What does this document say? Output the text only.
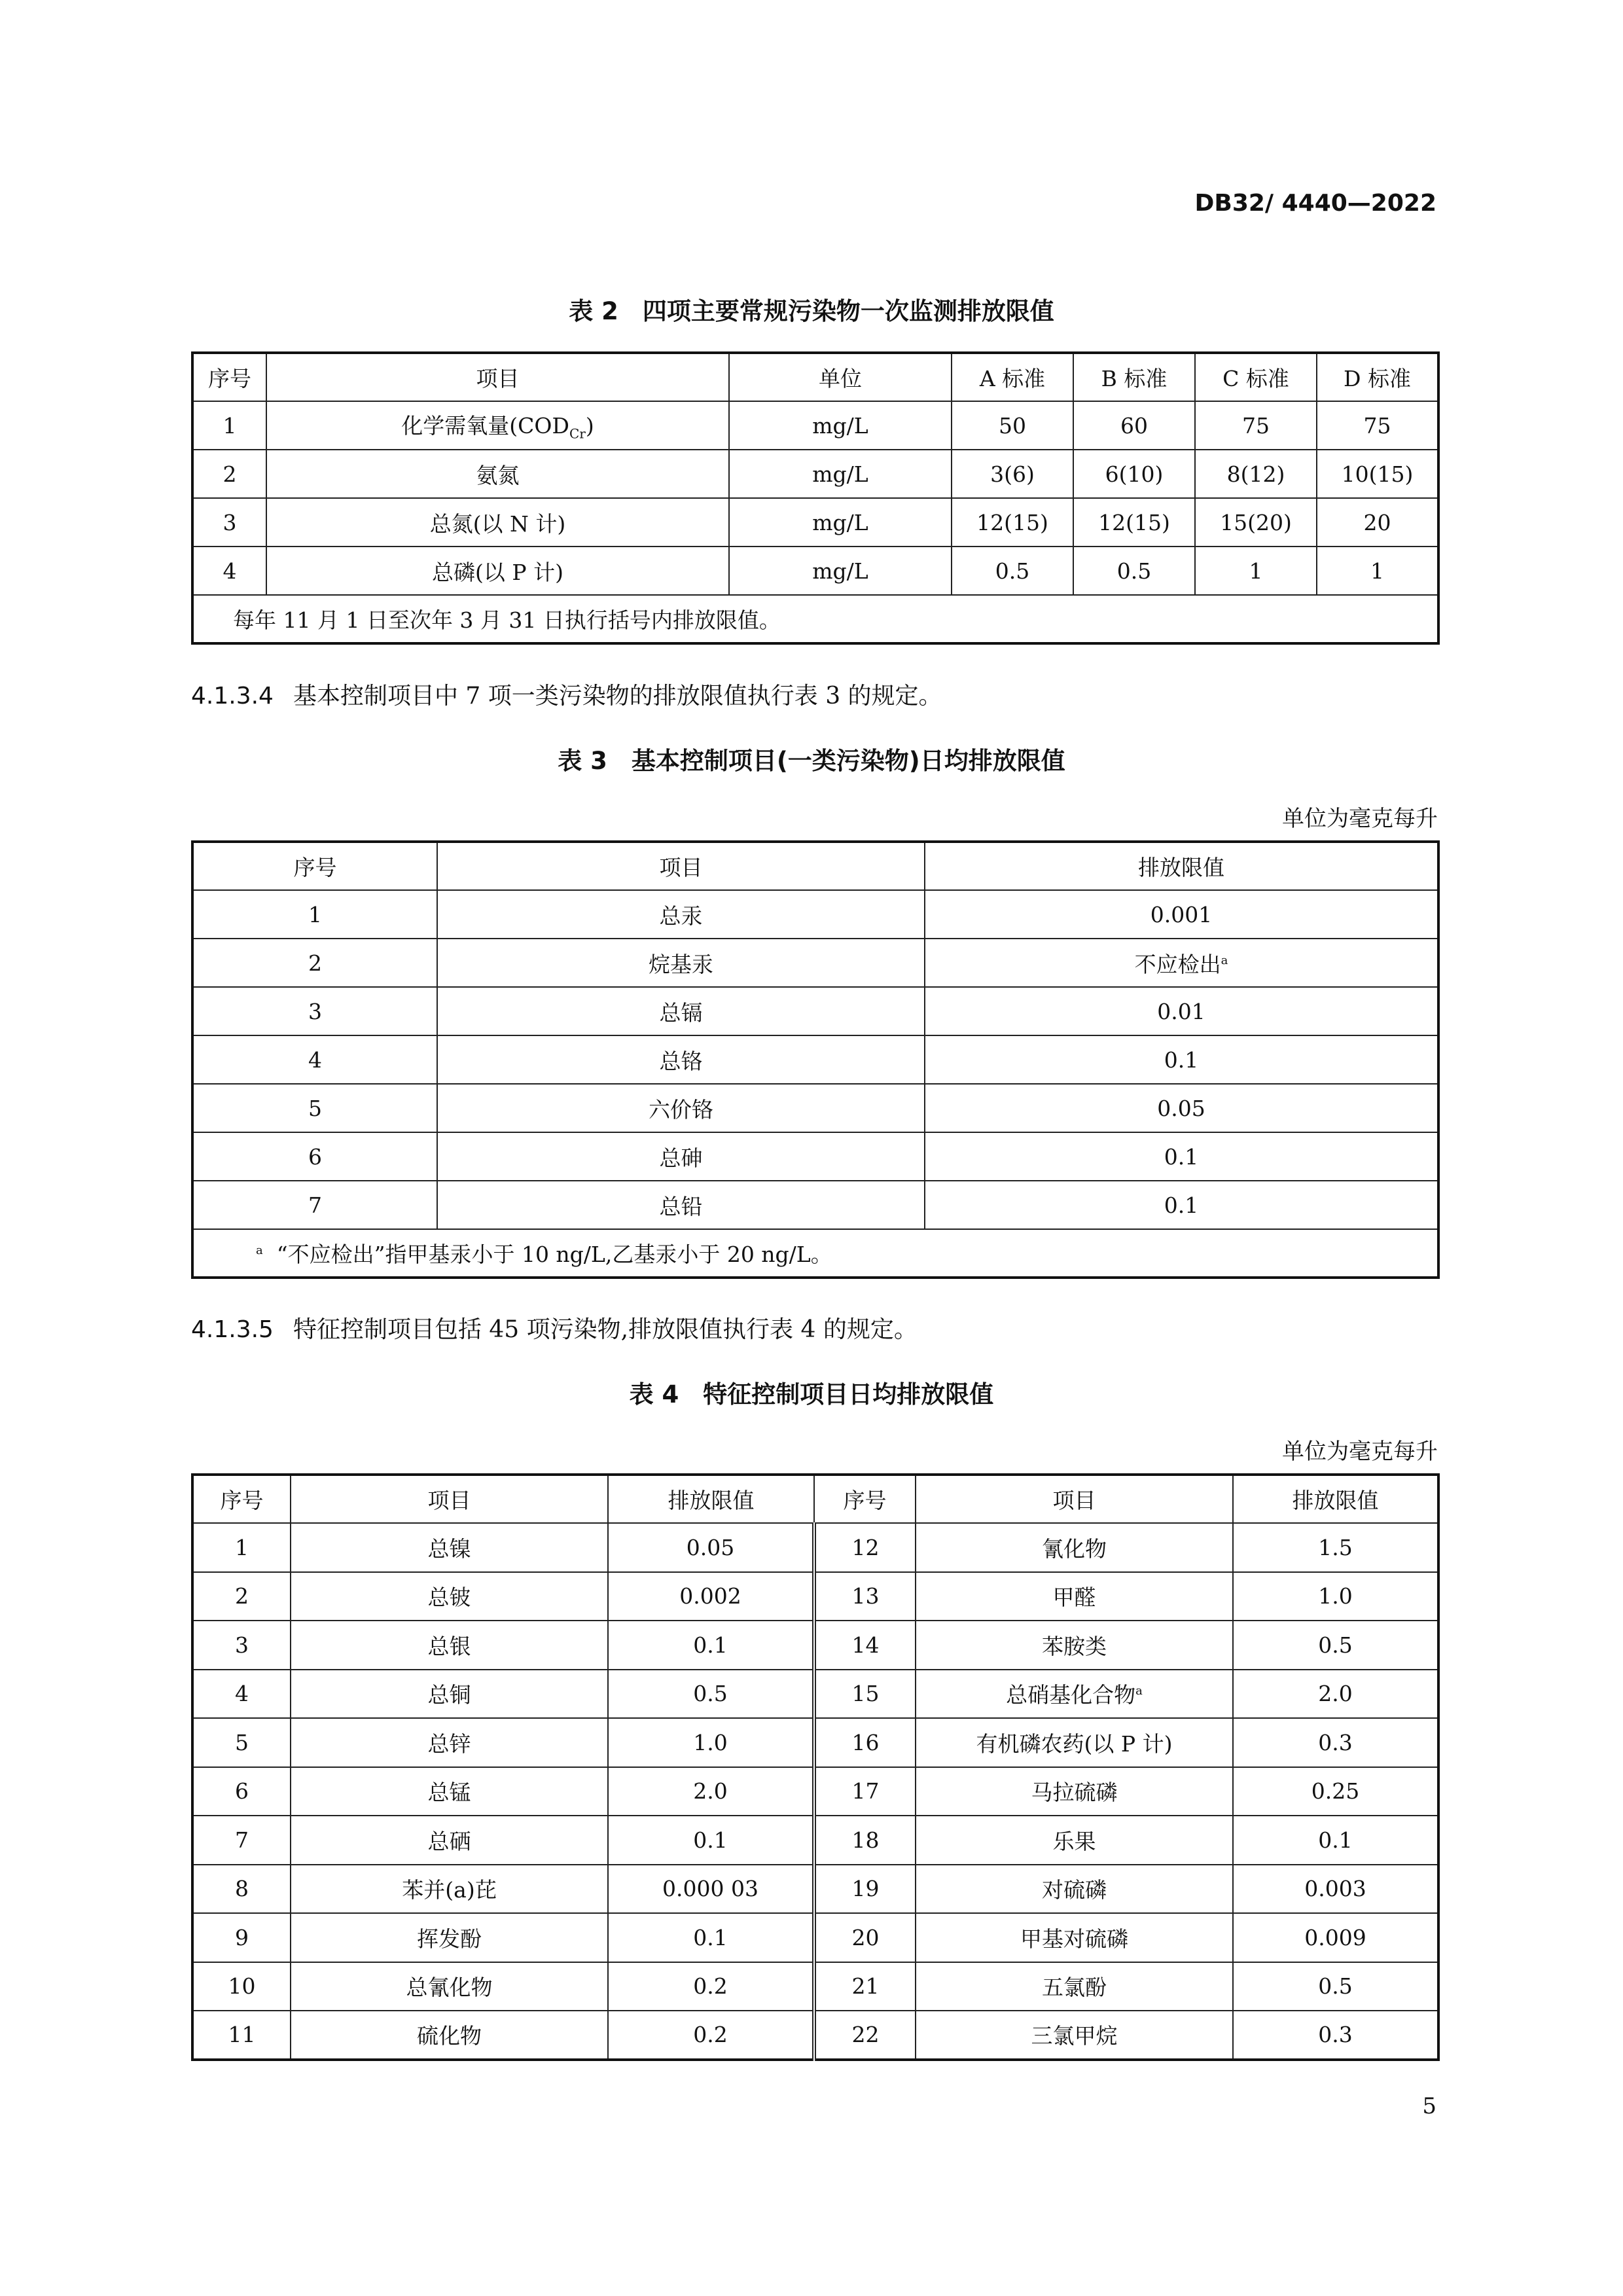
DB32/ 4440—2022
表 2　四项主要常规污染物一次监测排放限值
序号	项目	单位	A 标准	B 标准	C 标准	D 标准
1	化学需氧量$(COD_{Cr})$	mg/L	50	60	75	75
2	氨氮	mg/L	3(6)	6(10)	8(12)	10(15)
3	总氮(以 N 计)	mg/L	12(15)	12(15)	15(20)	20
4	总磷(以 P 计)	mg/L	0.5	0.5	1	1
每年 11 月 1 日至次年 3 月 31 日执行括号内排放限值。						
4.1.3.4 基本控制项目中 7 项一类污染物的排放限值执行表 3 的规定。
表 3　基本控制项目(一类污染物)日均排放限值
单位为毫克每升
序号	项目	排放限值
1	总汞	0.001
2	烷基汞	不应检出$^a$
3	总镉	0.01
4	总铬	0.1
5	六价铬	0.05
6	总砷	0.1
7	总铅	0.1
$^a$ “不应检出”指甲基汞小于 10 ng/L,乙基汞小于 20 ng/L。		
4.1.3.5 特征控制项目包括 45 项污染物,排放限值执行表 4 的规定。
表 4　特征控制项目日均排放限值
单位为毫克每升
序号	项目	排放限值	序号	项目	排放限值
1	总镍	0.05	12	氰化物	1.5
2	总铍	0.002	13	甲醛	1.0
3	总银	0.1	14	苯胺类	0.5
4	总铜	0.5	15	总硝基化合物$^a$	2.0
5	总锌	1.0	16	有机磷农药(以 P 计)	0.3
6	总锰	2.0	17	马拉硫磷	0.25
7	总硒	0.1	18	乐果	0.1
8	苯并(a)芘	0.000 03	19	对硫磷	0.003
9	挥发酚	0.1	20	甲基对硫磷	0.009
10	总氰化物	0.2	21	五氯酚	0.5
11	硫化物	0.2	22	三氯甲烷	0.3
5
